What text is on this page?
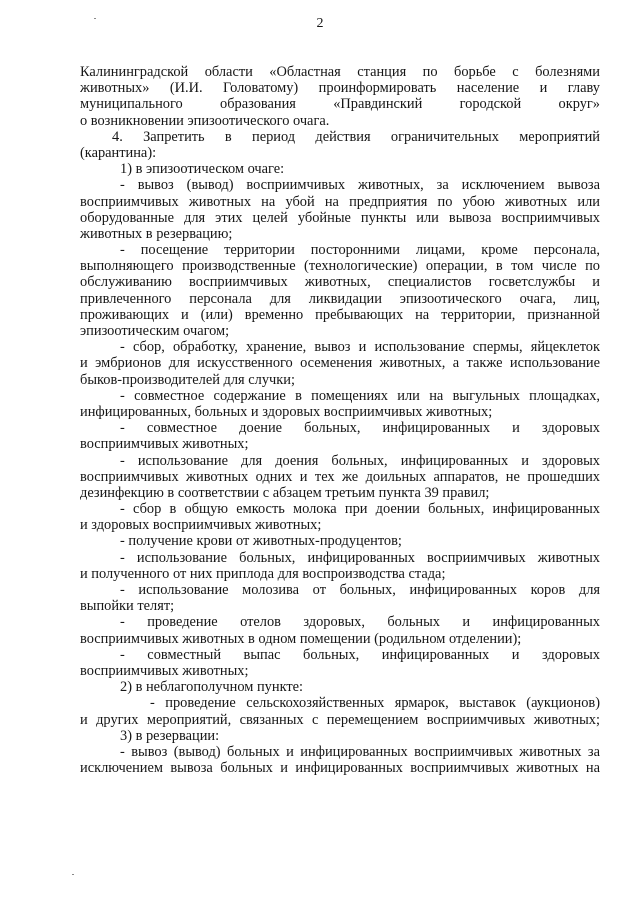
2
Калининградской области «Областная станция по борьбе с болезнями
животных» (И.И. Головатому) проинформировать население и главу
муниципального образования «Правдинский городской округ»
о возникновении эпизоотического очага.
4. Запретить в период действия ограничительных мероприятий
(карантина):
1) в эпизоотическом очаге:
- вывоз (вывод) восприимчивых животных, за исключением вывоза
восприимчивых животных на убой на предприятия по убою животных или
оборудованные для этих целей убойные пункты или вывоза восприимчивых
животных в резервацию;
- посещение территории посторонними лицами, кроме персонала,
выполняющего производственные (технологические) операции, в том числе по
обслуживанию восприимчивых животных, специалистов госветслужбы и
привлеченного персонала для ликвидации эпизоотического очага, лиц,
проживающих и (или) временно пребывающих на территории, признанной
эпизоотическим очагом;
- сбор, обработку, хранение, вывоз и использование спермы, яйцеклеток
и эмбрионов для искусственного осеменения животных, а также использование
быков-производителей для случки;
- совместное содержание в помещениях или на выгульных площадках,
инфицированных, больных и здоровых восприимчивых животных;
- совместное доение больных, инфицированных и здоровых
восприимчивых животных;
- использование для доения больных, инфицированных и здоровых
восприимчивых животных одних и тех же доильных аппаратов, не прошедших
дезинфекцию в соответствии с абзацем третьим пункта 39 правил;
- сбор в общую емкость молока при доении больных, инфицированных
и здоровых восприимчивых животных;
- получение крови от животных-продуцентов;
- использование больных, инфицированных восприимчивых животных
и полученного от них приплода для воспроизводства стада;
- использование молозива от больных, инфицированных коров для
выпойки телят;
- проведение отелов здоровых, больных и инфицированных
восприимчивых животных в одном помещении (родильном отделении);
- совместный выпас больных, инфицированных и здоровых
восприимчивых животных;
2) в неблагополучном пункте:
- проведение сельскохозяйственных ярмарок, выставок (аукционов)
и других мероприятий, связанных с перемещением восприимчивых животных;
3) в резервации:
- вывоз (вывод) больных и инфицированных восприимчивых животных за
исключением вывоза больных и инфицированных восприимчивых животных на
